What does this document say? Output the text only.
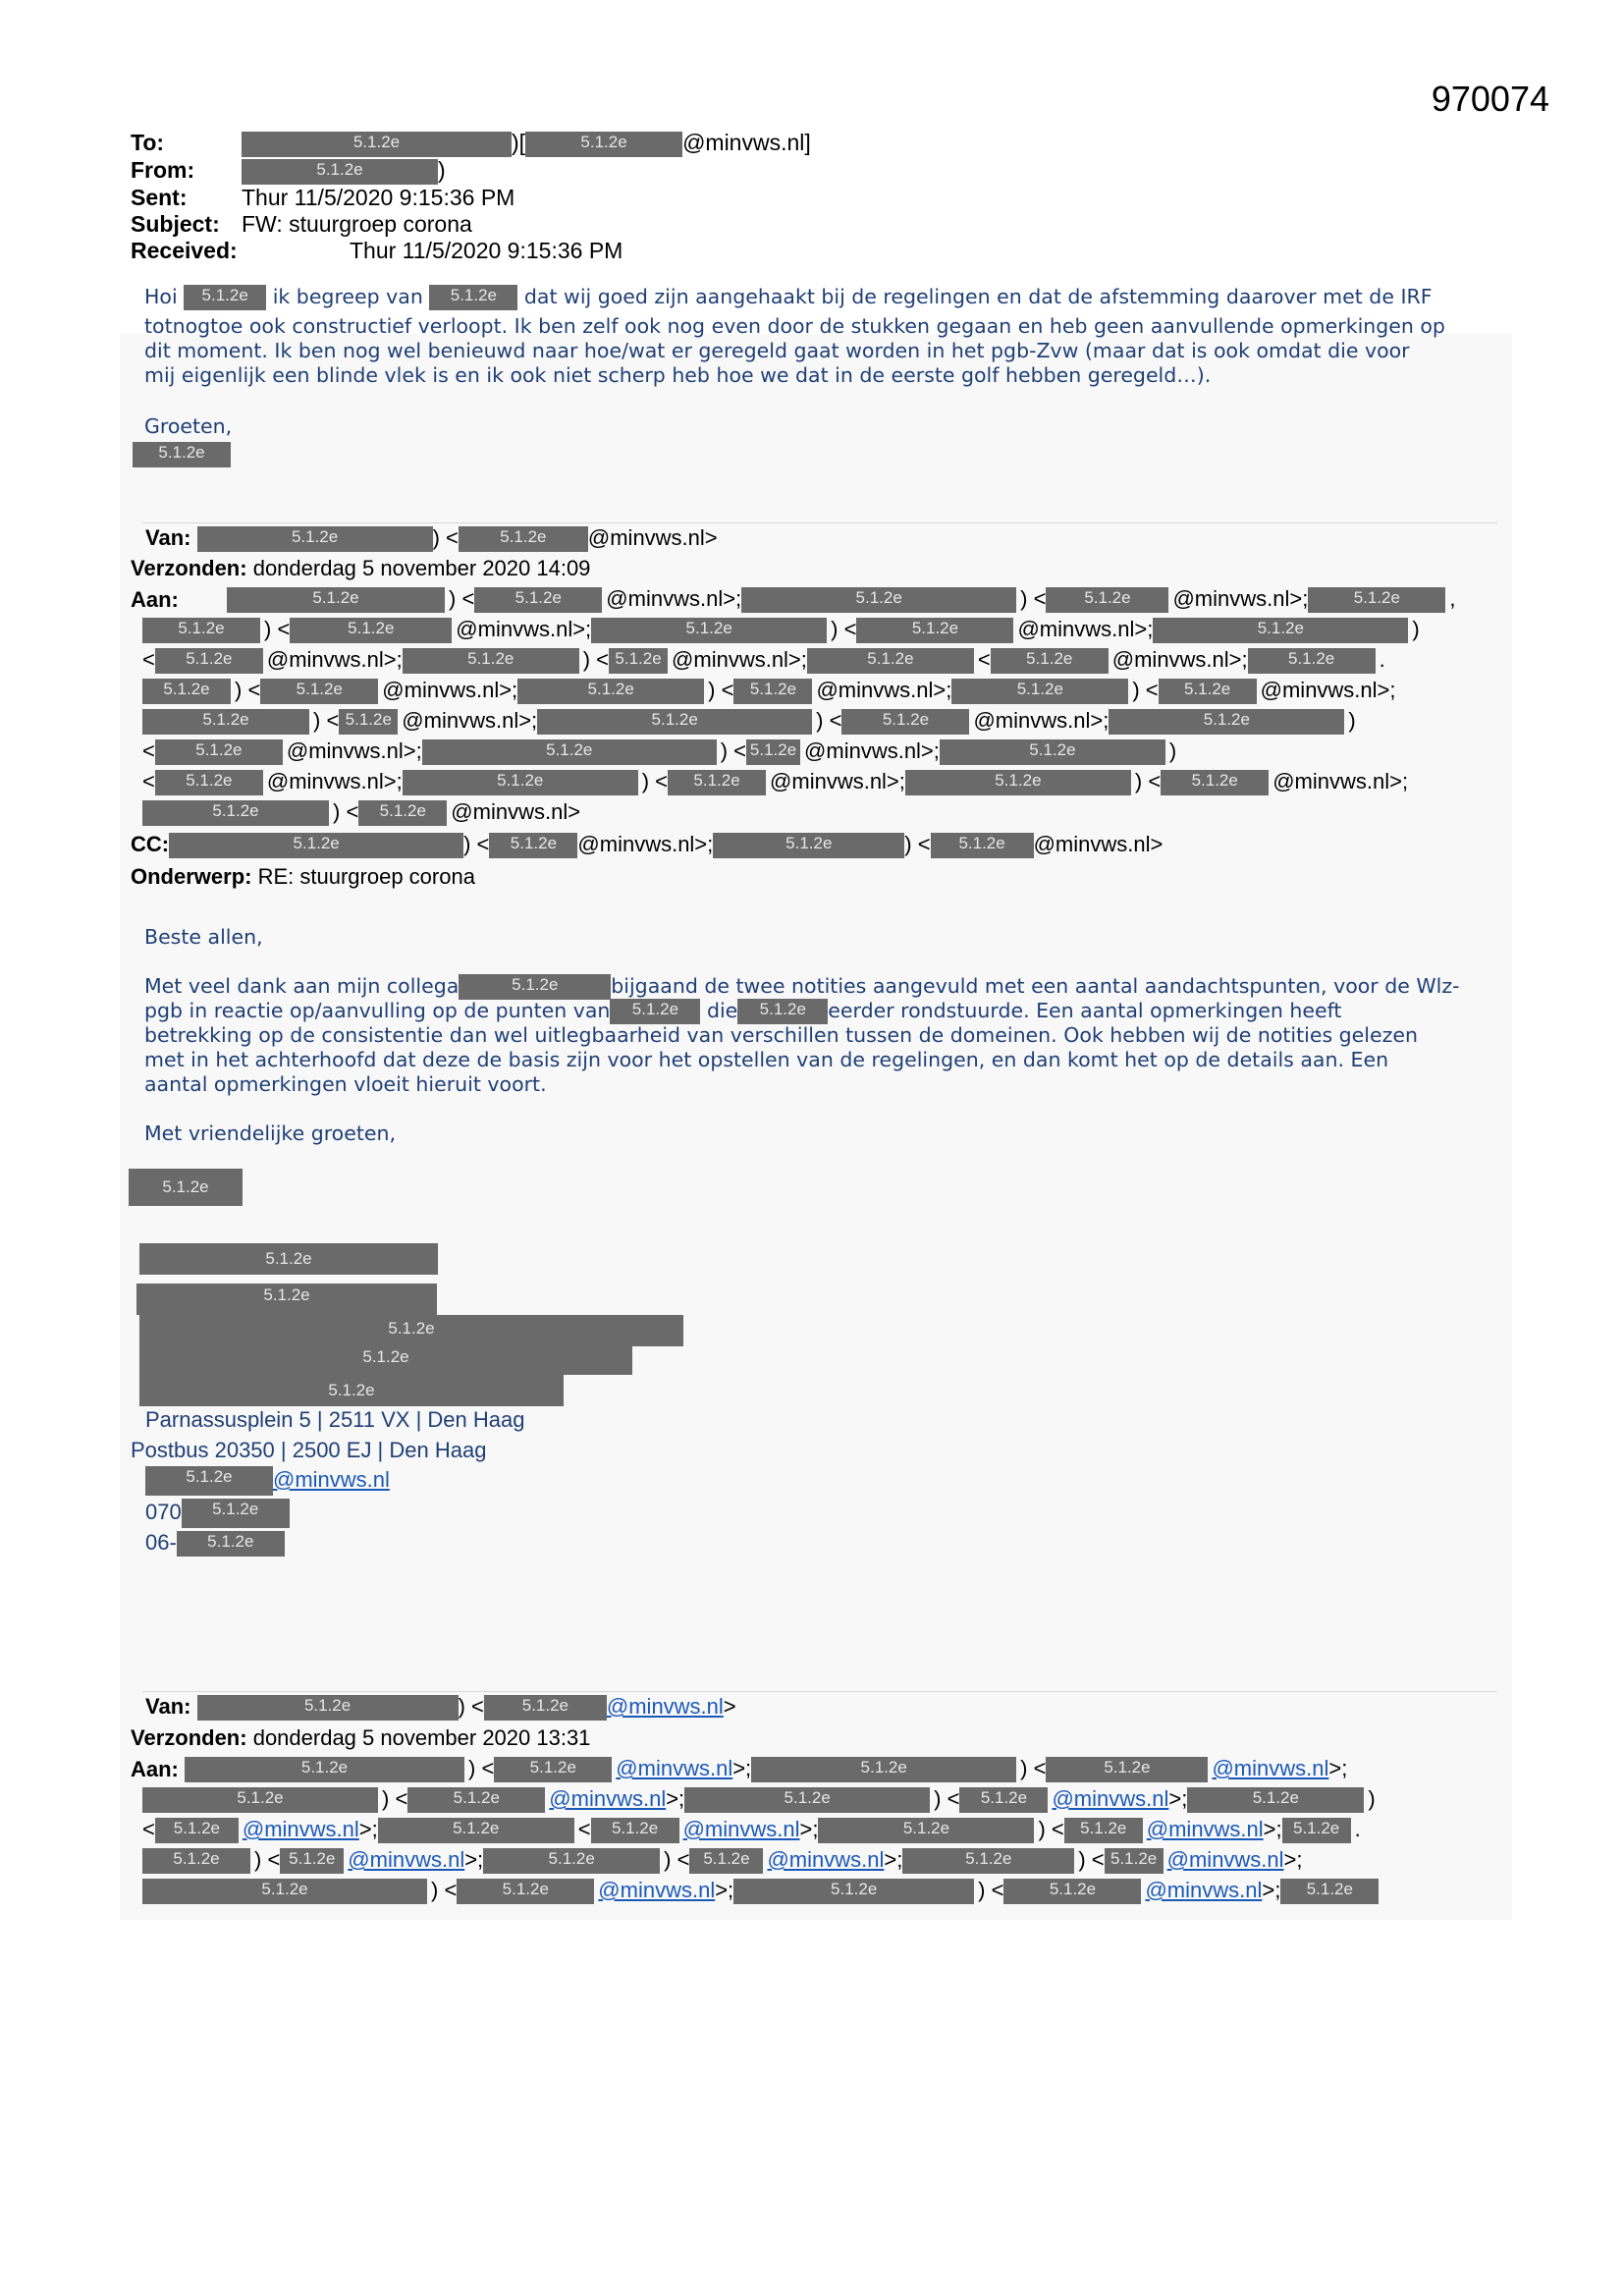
970074
To:	5.1.2e	)[	5.1.2e @minvws.nl]
From:	5.1.2e	)
Sent: Thur 11/5/2020 9:15:36 PM
Subject: FW: stuurgroep corona
Received:	Thur 11/5/2020 9:15:36 PM
Hoi 5.1.2e ik begreep van 5.1.2e dat wij goed zijn aangehaakt bij de regelingen en dat de afstemming daarover met de IRF
totnogtoe ook constructief verloopt. Ik ben zelf ook nog even door de stukken gegaan en heb geen aanvullende opmerkingen op
dit moment. Ik ben nog wel benieuwd naar hoe/wat er geregeld gaat worden in het pgb-Zvw (maar dat is ook omdat die voor
mij eigenlijk een blinde vlek is en ik ook niet scherp heb hoe we dat in de eerste golf hebben geregeld…).
Groeten,
5.1.2e
Van:	5.1.2e	) < 5.1.2e @minvws.nl>
Verzonden: donderdag 5 november 2020 14:09
Aan:	5.1.2e	) < 5.1.2e @minvws.nl>;	5.1.2e	) < 5.1.2e @minvws.nl>;	5.1.2e ,
5.1.2e ) <	5.1.2e	@minvws.nl>;	5.1.2e	) <	5.1.2e	@minvws.nl>;	5.1.2e	)
< 5.1.2e @minvws.nl>;	5.1.2e	) < 5.1.2e @minvws.nl>;	5.1.2e	< 5.1.2e @minvws.nl>; 5.1.2e .
5.1.2e ) < 5.1.2e @minvws.nl>;	5.1.2e	) < 5.1.2e @minvws.nl>;	5.1.2e	) < 5.1.2e @minvws.nl>;
5.1.2e	) < 5.1.2e @minvws.nl>;	5.1.2e	) < 5.1.2e @minvws.nl>;	5.1.2e	)
< 5.1.2e @minvws.nl>;	5.1.2e	) < 5.1.2e @minvws.nl>;	5.1.2e	)
< 5.1.2e @minvws.nl>;	5.1.2e	) < 5.1.2e @minvws.nl>;	5.1.2e	) < 5.1.2e @minvws.nl>;
5.1.2e	) < 5.1.2e @minvws.nl>
CC:	5.1.2e	) < 5.1.2e @minvws.nl>;	5.1.2e	) < 5.1.2e @minvws.nl>
Onderwerp: RE: stuurgroep corona
Beste allen,
Met veel dank aan mijn collega	5.1.2e	bijgaand de twee notities aangevuld met een aantal aandachtspunten, voor de Wlz-
pgb in reactie op/aanvulling op de punten van 5.1.2e die 5.1.2e eerder rondstuurde. Een aantal opmerkingen heeft
betrekking op de consistentie dan wel uitlegbaarheid van verschillen tussen de domeinen. Ook hebben wij de notities gelezen
met in het achterhoofd dat deze de basis zijn voor het opstellen van de regelingen, en dan komt het op de details aan. Een
aantal opmerkingen vloeit hieruit voort.
Met vriendelijke groeten,
5.1.2e
5.1.2e
5.1.2e
5.1.2e
5.1.2e
5.1.2e
Parnassusplein 5 | 2511 VX | Den Haag
Postbus 20350 | 2500 EJ | Den Haag
5.1.2e @minvws.nl
070 5.1.2e
06- 5.1.2e
Van:	5.1.2e	) < 5.1.2e @minvws.nl>
Verzonden: donderdag 5 november 2020 13:31
Aan:	5.1.2e	) < 5.1.2e @minvws.nl>;	5.1.2e	) <	5.1.2e	@minvws.nl>;
5.1.2e	) <	5.1.2e @minvws.nl>;	5.1.2e	) < 5.1.2e @minvws.nl>;	5.1.2e	)
< 5.1.2e @minvws.nl>;	5.1.2e	< 5.1.2e @minvws.nl>;	5.1.2e	) < 5.1.2e @minvws.nl>; 5.1.2e .
5.1.2e ) < 5.1.2e @minvws.nl>;	5.1.2e	) < 5.1.2e @minvws.nl>;	5.1.2e	) < 5.1.2e @minvws.nl>;
5.1.2e	) <	5.1.2e @minvws.nl>;	5.1.2e	) <	5.1.2e @minvws.nl>; 5.1.2e
